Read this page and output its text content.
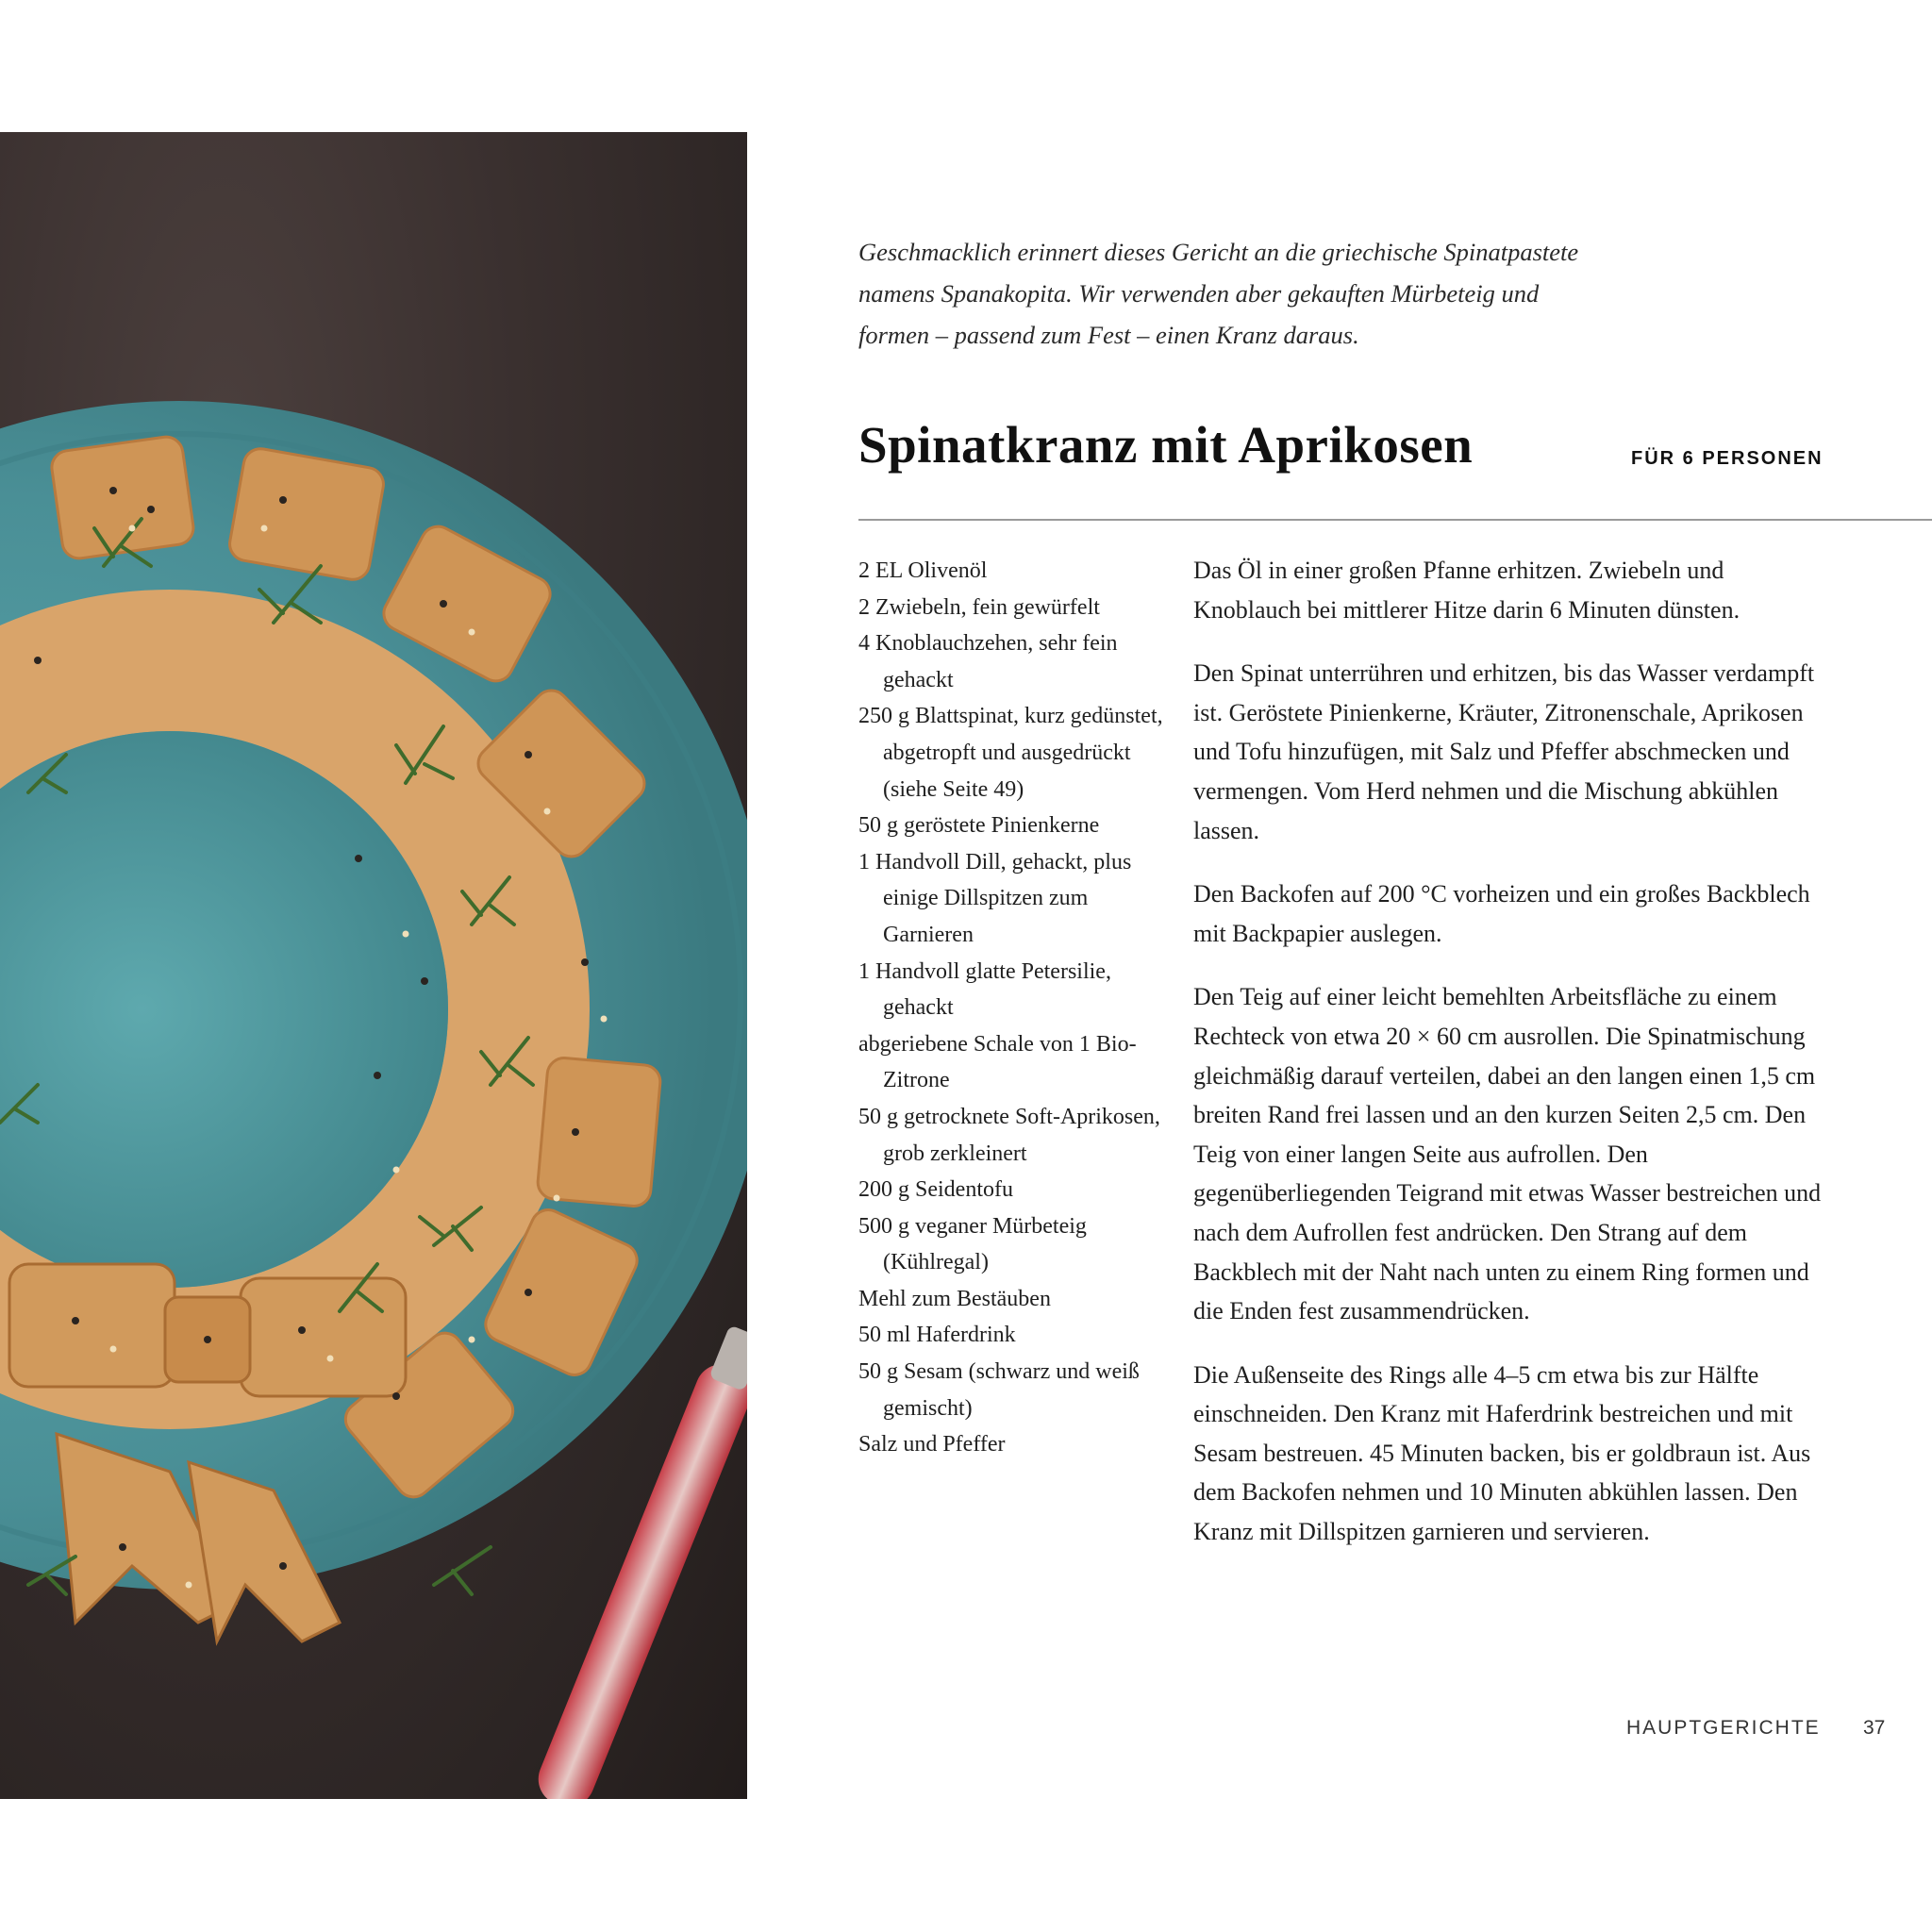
Geschmacklich erinnert dieses Gericht an die griechische Spinatpastete namens Spanakopita. Wir verwenden aber gekauften Mürbeteig und formen – passend zum Fest – einen Kranz daraus.
Spinatkranz mit Aprikosen	FÜR 6 PERSONEN
2 EL Olivenöl
2 Zwiebeln, fein gewürfelt
4 Knoblauchzehen, sehr fein gehackt
250 g Blattspinat, kurz gedünstet, abgetropft und ausgedrückt (siehe Seite 49)
50 g geröstete Pinienkerne
1 Handvoll Dill, gehackt, plus einige Dillspitzen zum Garnieren
1 Handvoll glatte Petersilie, gehackt
abgeriebene Schale von 1 Bio-Zitrone
50 g getrocknete Soft-Aprikosen, grob zerkleinert
200 g Seidentofu
500 g veganer Mürbeteig (Kühlregal)
Mehl zum Bestäuben
50 ml Haferdrink
50 g Sesam (schwarz und weiß gemischt)
Salz und Pfeffer

Das Öl in einer großen Pfanne erhitzen. Zwiebeln und Knoblauch bei mittlerer Hitze darin 6 Minuten dünsten.

Den Spinat unterrühren und erhitzen, bis das Wasser verdampft ist. Geröstete Pinienkerne, Kräuter, Zitronenschale, Aprikosen und Tofu hinzufügen, mit Salz und Pfeffer abschmecken und vermengen. Vom Herd nehmen und die Mischung abkühlen lassen.

Den Backofen auf 200 °C vorheizen und ein großes Backblech mit Backpapier auslegen.

Den Teig auf einer leicht bemehlten Arbeitsfläche zu einem Rechteck von etwa 20 × 60 cm ausrollen. Die Spinatmischung gleichmäßig darauf verteilen, dabei an den langen einen 1,5 cm breiten Rand frei lassen und an den kurzen Seiten 2,5 cm. Den Teig von einer langen Seite aus aufrollen. Den gegenüberliegenden Teigrand mit etwas Wasser bestreichen und nach dem Aufrollen fest andrücken. Den Strang auf dem Backblech mit der Naht nach unten zu einem Ring formen und die Enden fest zusammendrücken.

Die Außenseite des Rings alle 4–5 cm etwa bis zur Hälfte einschneiden. Den Kranz mit Haferdrink bestreichen und mit Sesam bestreuen. 45 Minuten backen, bis er goldbraun ist. Aus dem Backofen nehmen und 10 Minuten abkühlen lassen. Den Kranz mit Dillspitzen garnieren und servieren.

HAUPTGERICHTE 37
